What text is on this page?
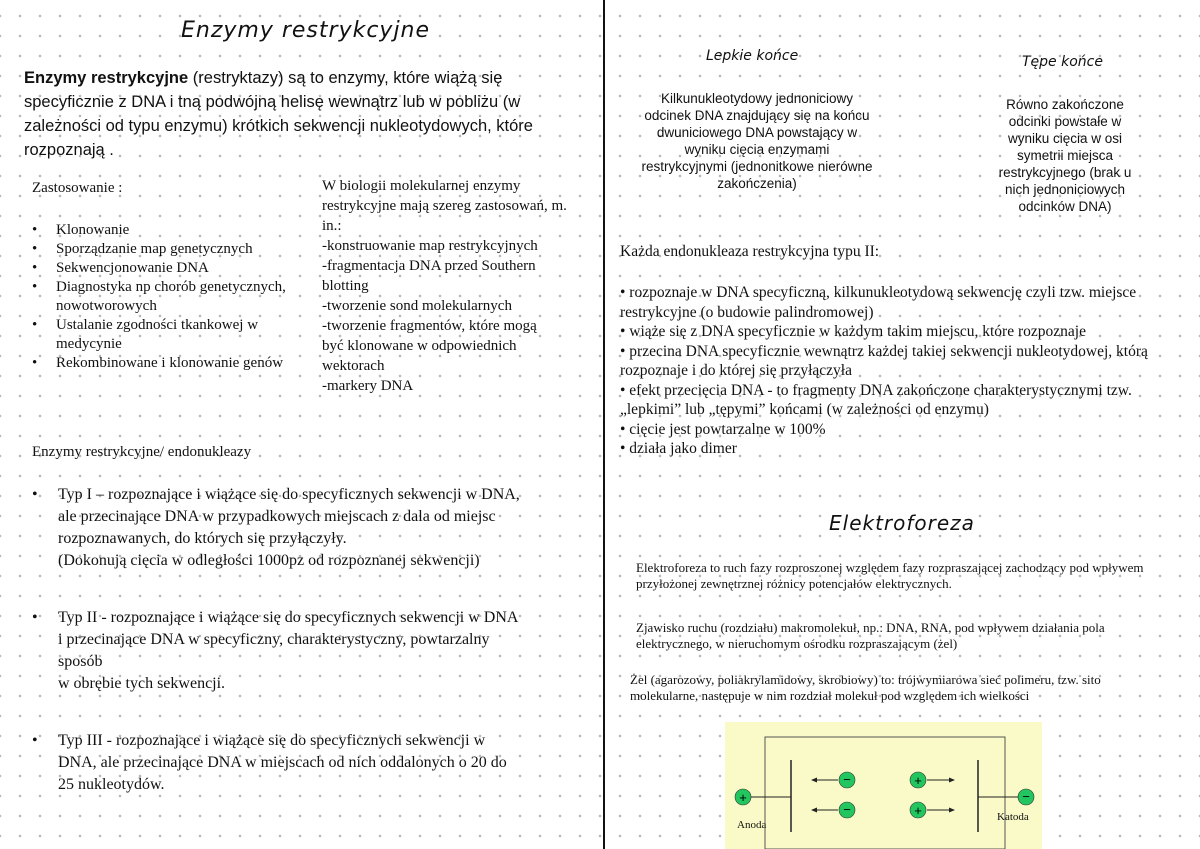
Enzymy restrykcyjne
Enzymy restrykcyjne (restryktazy) są to enzymy, które wiążą się specyficznie z DNA i tną podwójną helisę wewnątrz lub w pobliżu (w zależności od typu enzymu) krótkich sekwencji nukleotydowych, które rozpoznają .
Zastosowanie :
• Klonowanie
• Sporządzanie map genetycznych
• Sekwencjonowanie DNA
• Diagnostyka np chorób genetycznych, nowotworowych
• Ustalanie zgodności tkankowej w medycynie
• Rekombinowane i klonowanie genów
W biologii molekularnej enzymy restrykcyjne mają szereg zastosowań, m. in.:
-konstruowanie map restrykcyjnych
-fragmentacja DNA przed Southern
blotting
-tworzenie sond molekularnych
-tworzenie fragmentów, które mogą
być klonowane w odpowiednich
wektorach
-markery DNA
Enzymy restrykcyjne/ endonukleazy
• Typ I – rozpoznające i wiążące się do specyficznych sekwencji w DNA, ale przecinające DNA w przypadkowych miejscach z dala od miejsc rozpoznawanych, do których się przyłączyły.
(Dokonują cięcia w odległości 1000pz od rozpoznanej sekwencji)
• Typ II - rozpoznające i wiążące się do specyficznych sekwencji w DNA i przecinające DNA w specyficzny, charakterystyczny, powtarzalny sposób
w obrębie tych sekwencji.
• Typ III - rozpoznające i wiążące się do specyficznych sekwencji w DNA, ale przecinające DNA w miejscach od nich oddalonych o 20 do 25 nukleotydów.
Lepkie końce
Kilkunukleotydowy jednoniciowy odcinek DNA znajdujący się na końcu dwuniciowego DNA powstający w wyniku cięcia enzymami restrykcyjnymi (jednonitkowe nierówne zakończenia)
Tępe końce
Równo zakończone odcinki powstałe w wyniku cięcia w osi symetrii miejsca restrykcyjnego (brak u nich jednoniciowych odcinków DNA)
Każda endonukleaza restrykcyjna typu II:
• rozpoznaje w DNA specyficzną, kilkunukleotydową sekwencję czyli tzw. miejsce restrykcyjne (o budowie palindromowej)
• wiąże się z DNA specyficznie w każdym takim miejscu, które rozpoznaje
• przecina DNA specyficznie wewnątrz każdej takiej sekwencji nukleotydowej, którą rozpoznaje i do której się przyłączyła
• efekt przecięcia DNA - to fragmenty DNA zakończone charakterystycznymi tzw. „lepkimi” lub „tępymi” końcami (w zależności od enzymu)
• cięcie jest powtarzalne w 100%
• działa jako dimer
Elektroforeza
Elektroforeza to ruch fazy rozproszonej względem fazy rozpraszającej zachodzący pod wpływem przyłożonej zewnętrznej różnicy potencjałów elektrycznych.
Zjawisko ruchu (rozdziału) makromolekuł, np.: DNA, RNA, pod wpływem działania pola elektrycznego, w nieruchomym ośrodku rozpraszającym (żel)
Żel (agarozowy, poliakrylamidowy, skrobiowy) to: trójwymiarowa sieć polimeru, tzw. sito molekularne, następuje w nim rozdział molekuł pod względem ich wielkości
+	−
−
−
+
+
Anoda
Katoda
